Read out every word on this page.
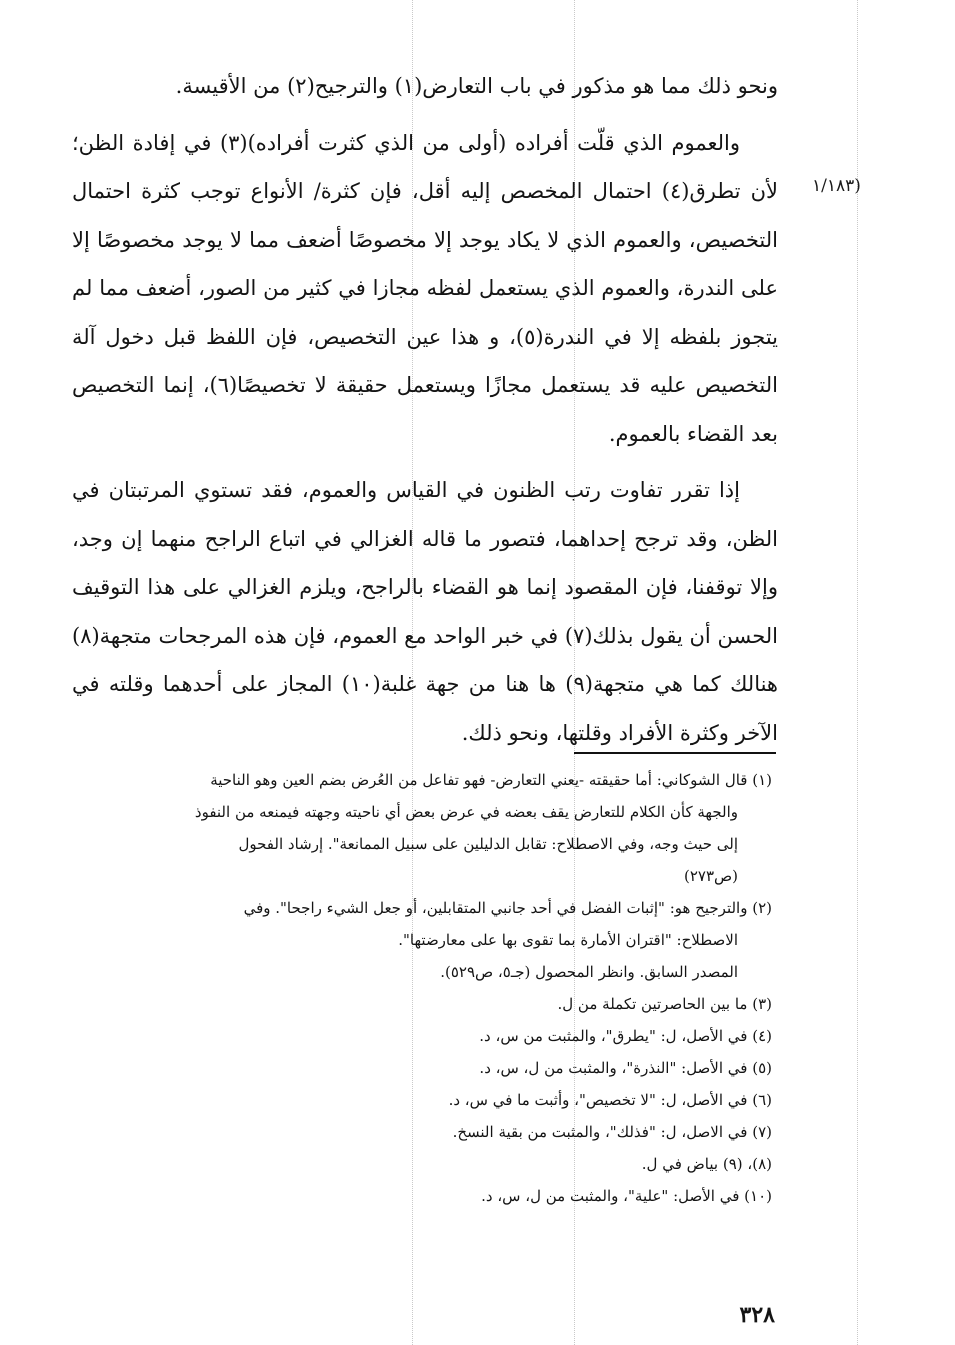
(١/١٨٣

ونحو ذلك مما هو مذكور في باب التعارض(١) والترجيح(٢) من الأقيسة.

والعموم الذي قلّت أفراده (أولى من الذي كثرت أفراده)(٣) في إفادة الظن؛ لأن تطرق(٤) احتمال المخصص إليه أقل، فإن كثرة/ الأنواع توجب كثرة احتمال التخصيص، والعموم الذي لا يكاد يوجد إلا مخصوصًا أضعف مما لا يوجد مخصوصًا إلا على الندرة، والعموم الذي يستعمل لفظه مجازا في كثير من الصور، أضعف مما لم يتجوز بلفظه إلا في الندرة(٥)، و هذا عين التخصيص، فإن اللفظ قبل دخول آلة التخصيص عليه قد يستعمل مجازًا ويستعمل حقيقة لا تخصيصًا(٦)، إنما التخصيص بعد القضاء بالعموم.

إذا تقرر تفاوت رتب الظنون في القياس والعموم، فقد تستوي المرتبتان في الظن، وقد ترجح إحداهما، فتصور ما قاله الغزالي في اتباع الراجح منهما إن وجد، وإلا توقفنا، فإن المقصود إنما هو القضاء بالراجح، ويلزم الغزالي على هذا التوقيف الحسن أن يقول بذلك(٧) في خبر الواحد مع العموم، فإن هذه المرجحات متجهة(٨) هنالك كما هي متجهة(٩) ها هنا من جهة غلبة(١٠) المجاز على أحدهما وقلته في الآخر وكثرة الأفراد وقلتها، ونحو ذلك.

(١) قال الشوكاني: أما حقيقته -يعني التعارض- فهو تفاعل من العُرض بضم العين وهو الناحية

والجهة كأن الكلام للتعارض يقف بعضه في عرض بعض أي ناحيته وجهته فيمنعه من النفوذ

إلى حيث وجه، وفي الاصطلاح: تقابل الدليلين على سبيل الممانعة". إرشاد الفحول

(ص٢٧٣)

(٢) والترجيح هو: "إثبات الفضل في أحد جانبي المتقابلين، أو جعل الشيء راجحا". وفي

الاصطلاح: "اقتران الأمارة بما تقوى بها على معارضتها".

المصدر السابق. وانظر المحصول (جـ٥، ص٥٢٩).

(٣) ما بين الحاصرتين تكملة من ل.

(٤) في الأصل، ل: "يطرق"، والمثبت من س، د.

(٥) في الأصل: "النذرة"، والمثبت من ل، س، د.

(٦) في الأصل، ل: "لا تخصيص"، وأثبت ما في س، د.

(٧) في الاصل، ل: "فذلك"، والمثبت من بقية النسخ.

(٨)، (٩) بياض في ل.

(١٠) في الأصل: "علية"، والمثبت من ل، س، د.

٣٢٨
